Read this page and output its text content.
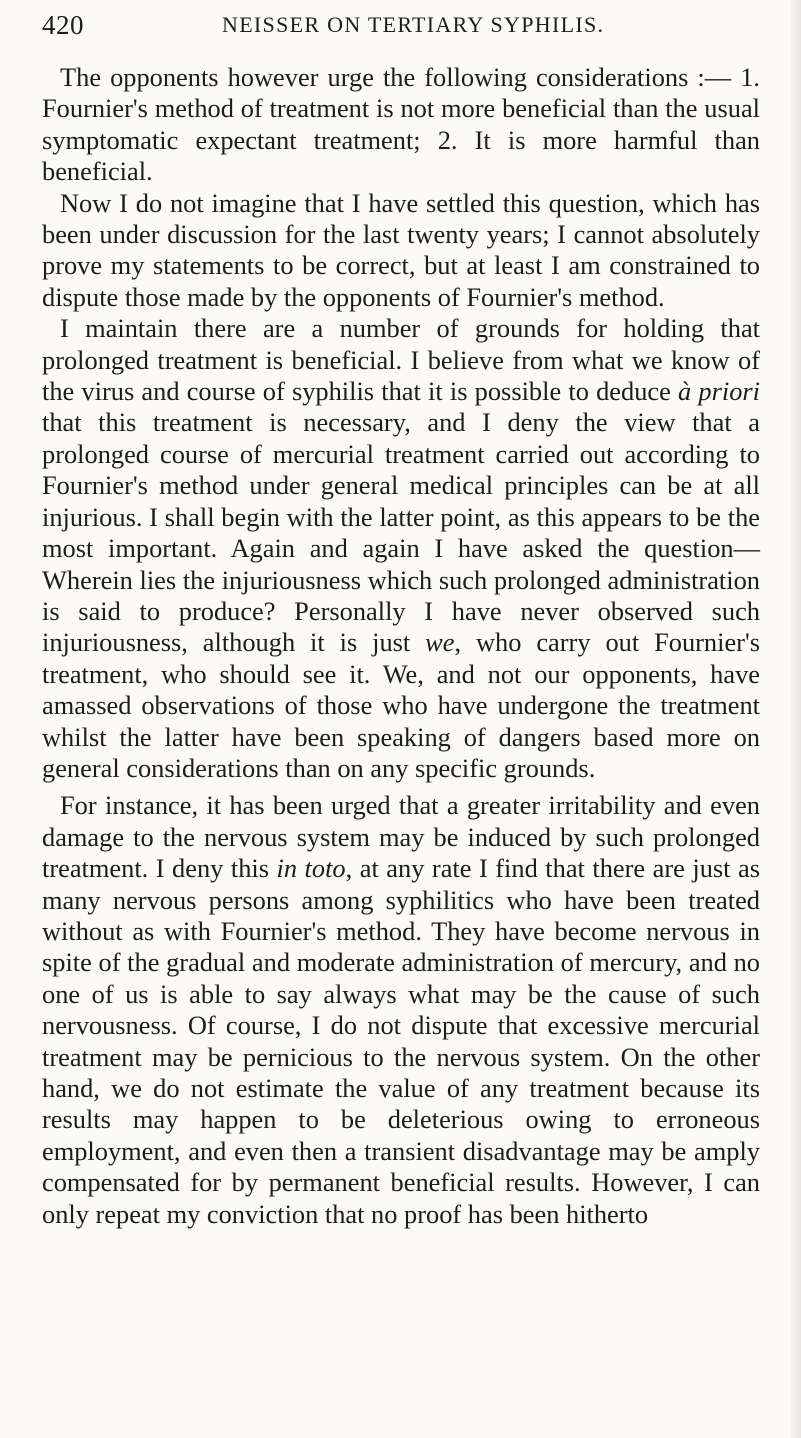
420	NEISSER ON TERTIARY SYPHILIS.

The opponents however urge the following considerations :— 1. Fournier's method of treatment is not more beneficial than the usual symptomatic expectant treatment; 2. It is more harmful than beneficial.

Now I do not imagine that I have settled this question, which has been under discussion for the last twenty years; I cannot absolutely prove my statements to be correct, but at least I am constrained to dispute those made by the opponents of Fournier's method.

I maintain there are a number of grounds for holding that prolonged treatment is beneficial. I believe from what we know of the virus and course of syphilis that it is possible to deduce à priori that this treatment is necessary, and I deny the view that a prolonged course of mercurial treatment carried out according to Fournier's method under general medical principles can be at all injurious. I shall begin with the latter point, as this appears to be the most important. Again and again I have asked the question—Wherein lies the injuriousness which such prolonged administration is said to produce? Personally I have never observed such injuriousness, although it is just we, who carry out Fournier's treatment, who should see it. We, and not our opponents, have amassed observations of those who have undergone the treatment whilst the latter have been speaking of dangers based more on general considerations than on any specific grounds.

For instance, it has been urged that a greater irritability and even damage to the nervous system may be induced by such prolonged treatment. I deny this in toto, at any rate I find that there are just as many nervous persons among syphilitics who have been treated without as with Fournier's method. They have become nervous in spite of the gradual and moderate administration of mercury, and no one of us is able to say always what may be the cause of such nervousness. Of course, I do not dispute that excessive mercurial treatment may be pernicious to the nervous system. On the other hand, we do not estimate the value of any treatment because its results may happen to be deleterious owing to erroneous employment, and even then a transient disadvantage may be amply compensated for by permanent beneficial results. However, I can only repeat my conviction that no proof has been hitherto
